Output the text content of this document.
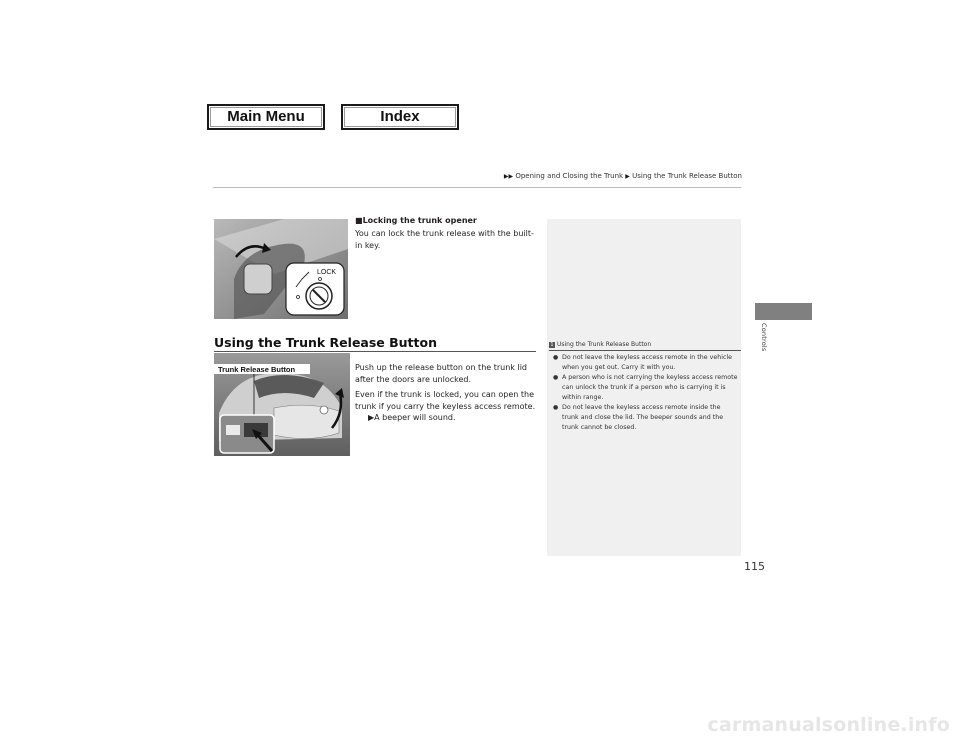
Main Menu	Index
▶▶ Opening and Closing the Trunk ▶ Using the Trunk Release Button
Controls
LOCK
■Locking the trunk opener
You can lock the trunk release with the built-in key.
Using the Trunk Release Button
Trunk Release Button	Push up the release button on the trunk lid after the doors are unlocked.
Even if the trunk is locked, you can open the trunk if you carry the keyless access remote.
▶A beeper will sound.
1 Using the Trunk Release Button
● Do not leave the keyless access remote in the vehicle when you get out. Carry it with you.
● A person who is not carrying the keyless access remote can unlock the trunk if a person who is carrying it is within range.
● Do not leave the keyless access remote inside the trunk and close the lid. The beeper sounds and the trunk cannot be closed.
115
carmanualsonline.info
